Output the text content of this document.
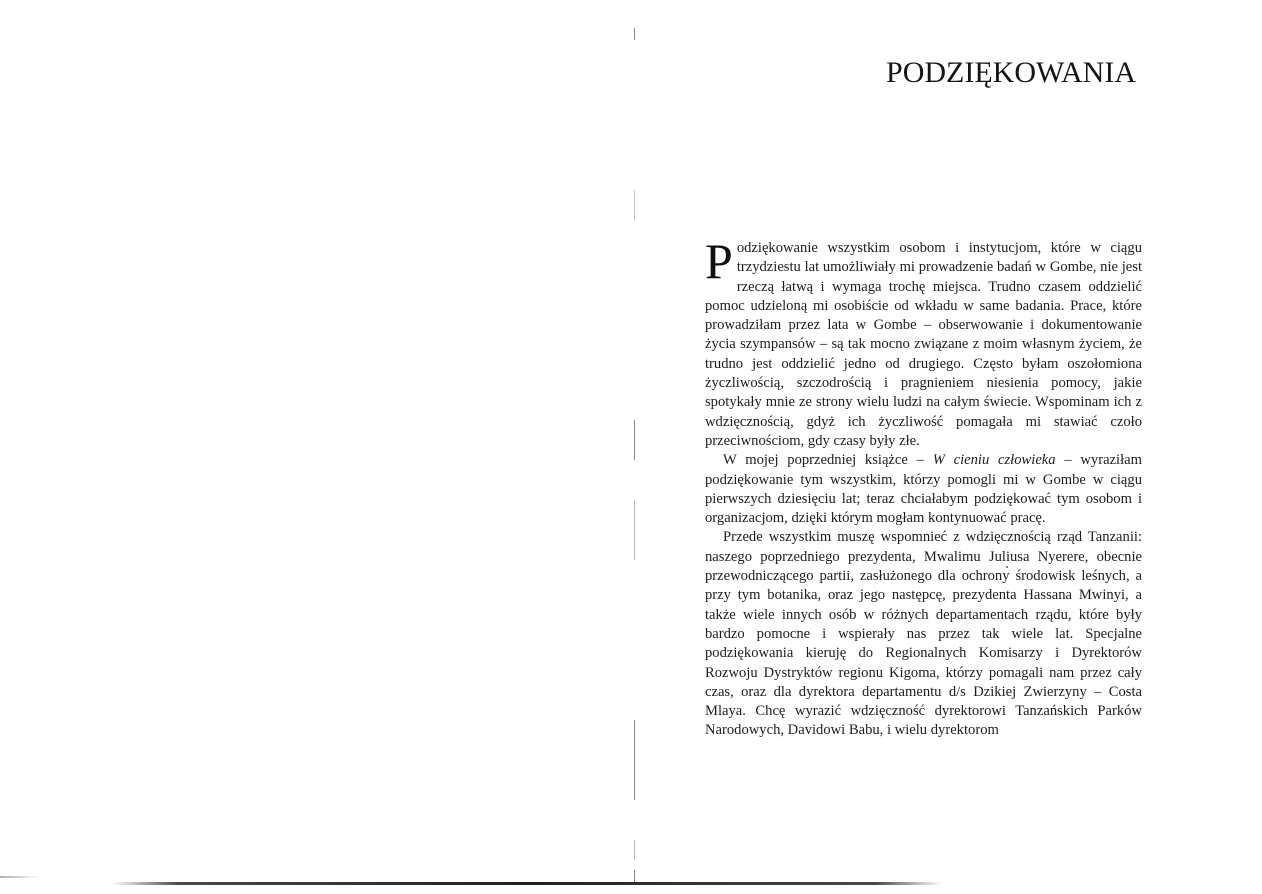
PODZIĘKOWANIA

Podziękowanie wszystkim osobom i instytucjom, które w ciągu trzydziestu lat umożliwiały mi prowadzenie badań w Gombe, nie jest rzeczą łatwą i wymaga trochę miejsca. Trudno czasem oddzielić pomoc udzieloną mi osobiście od wkładu w same badania. Prace, które prowadziłam przez lata w Gombe – obserwowanie i dokumentowanie życia szympansów – są tak mocno związane z moim własnym życiem, że trudno jest oddzielić jedno od drugiego. Często byłam oszołomiona życzliwością, szczodrością i pragnieniem niesienia pomocy, jakie spotykały mnie ze strony wielu ludzi na całym świecie. Wspominam ich z wdzięcznością, gdyż ich życzliwość pomagała mi stawiać czoło przeciwnościom, gdy czasy były złe.

W mojej poprzedniej książce – W cieniu człowieka – wyraziłam podziękowanie tym wszystkim, którzy pomogli mi w Gombe w ciągu pierwszych dziesięciu lat; teraz chciałabym podziękować tym osobom i organizacjom, dzięki którym mogłam kontynuować pracę.

Przede wszystkim muszę wspomnieć z wdzięcznością rząd Tanzanii: naszego poprzedniego prezydenta, Mwalimu Juliusa Nyerere, obecnie przewodniczącego partii, zasłużonego dla ochrony środowisk leśnych, a przy tym botanika, oraz jego następcę, prezydenta Hassana Mwinyi, a także wiele innych osób w różnych departamentach rządu, które były bardzo pomocne i wspierały nas przez tak wiele lat. Specjalne podziękowania kieruję do Regionalnych Komisarzy i Dyrektorów Rozwoju Dystryktów regionu Kigoma, którzy pomagali nam przez cały czas, oraz dla dyrektora departamentu d/s Dzikiej Zwierzyny – Costa Mlaya. Chcę wyrazić wdzięczność dyrektorowi Tanzańskich Parków Narodowych, Davidowi Babu, i wielu dyrektorom
